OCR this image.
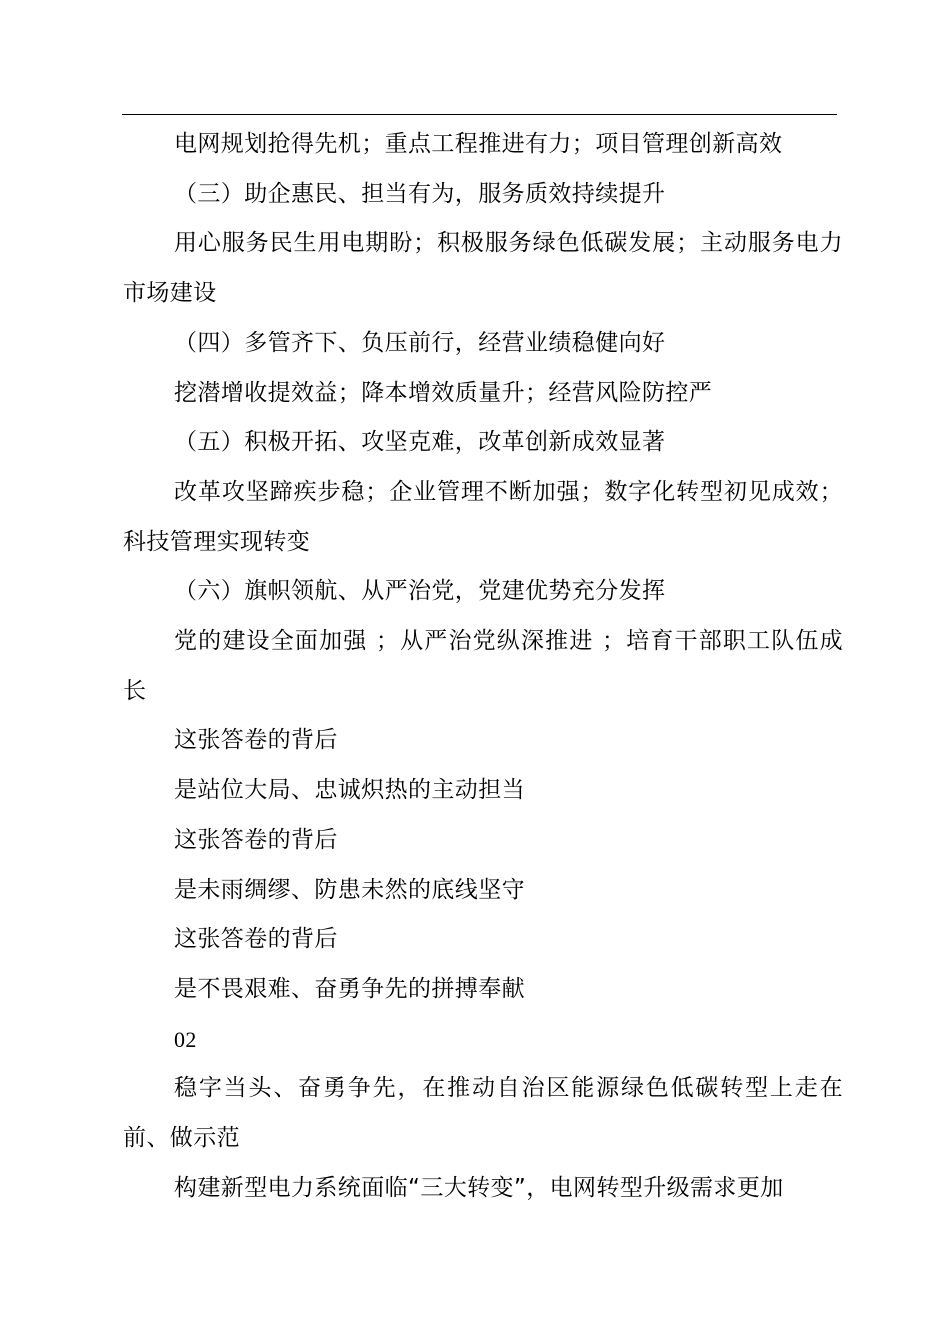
电网规划抢得先机；重点工程推进有力；项目管理创新高效

（三）助企惠民、担当有为，服务质效持续提升

用心服务民生用电期盼；积极服务绿色低碳发展；主动服务电力市场建设

（四）多管齐下、负压前行，经营业绩稳健向好

挖潜增收提效益；降本增效质量升；经营风险防控严

（五）积极开拓、攻坚克难，改革创新成效显著

改革攻坚蹄疾步稳；企业管理不断加强；数字化转型初见成效；科技管理实现转变

（六）旗帜领航、从严治党，党建优势充分发挥

党的建设全面加强 ；从严治党纵深推进 ；培育干部职工队伍成长

这张答卷的背后

是站位大局、忠诚炽热的主动担当

这张答卷的背后

是未雨绸缪、防患未然的底线坚守

这张答卷的背后

是不畏艰难、奋勇争先的拼搏奉献

02

稳字当头、奋勇争先，在推动自治区能源绿色低碳转型上走在前、做示范

构建新型电力系统面临“三大转变”，电网转型升级需求更加
